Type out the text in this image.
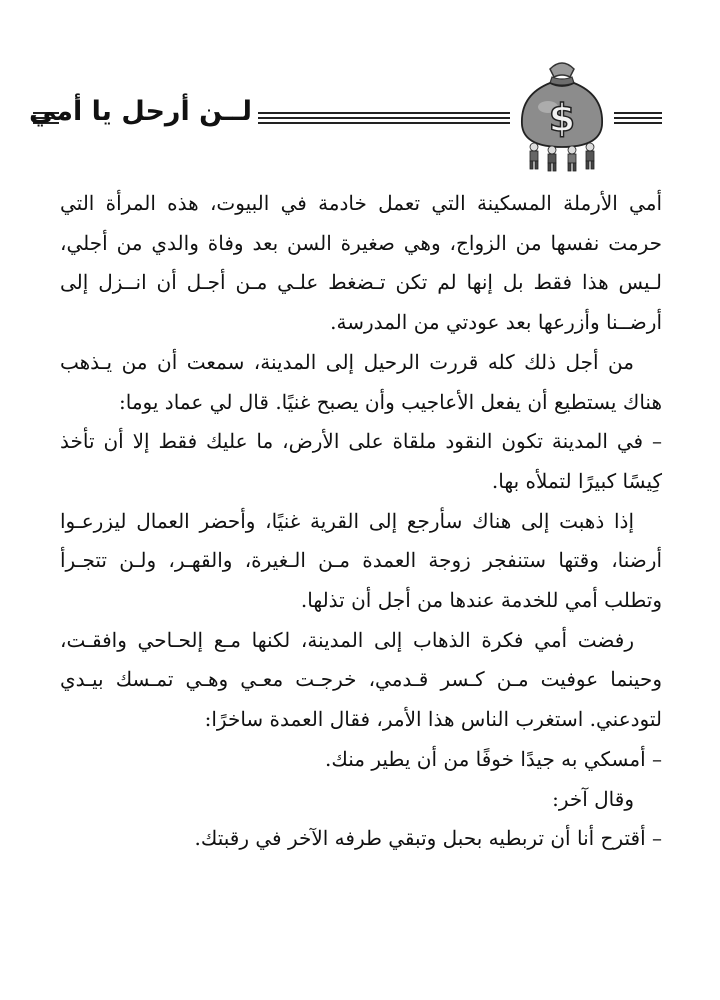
لــن أرحل يا أمي	$

أمي الأرملة المسكينة التي تعمل خادمة في البيوت، هذه المرأة التي حرمت نفسها من الزواج، وهي صغيرة السن بعد وفاة والدي من أجلي، لـيس هذا فقط بل إنها لم تكن تـضغط علـي مـن أجـل أن انــزل إلى أرضــنا وأزرعها بعد عودتي من المدرسة.

من أجل ذلك كله قررت الرحيل إلى المدينة، سمعت أن من يـذهب هناك يستطيع أن يفعل الأعاجيب وأن يصبح غنيًا. قال لي عماد يوما:

– في المدينة تكون النقود ملقاة على الأرض، ما عليك فقط إلا أن تأخذ كِيسًا كبيرًا لتملأه بها.

إذا ذهبت إلى هناك سأرجع إلى القرية غنيًا، وأحضر العمال ليزرعـوا أرضنا، وقتها ستنفجر زوجة العمدة مـن الـغيرة، والقهـر، ولـن تتجـرأ وتطلب أمي للخدمة عندها من أجل أن تذلها.

رفضت أمي فكرة الذهاب إلى المدينة، لكنها مـع إلحـاحي وافقـت، وحينما عوفيت مـن كـسر قـدمي، خرجـت معـي وهـي تمـسك بيـدي لتودعني. استغرب الناس هذا الأمر، فقال العمدة ساخرًا:

– أمسكي به جيدًا خوفًا من أن يطير منك.

وقال آخر:

– أقترح أنا أن تربطيه بحبل وتبقي طرفه الآخر في رقبتك.
